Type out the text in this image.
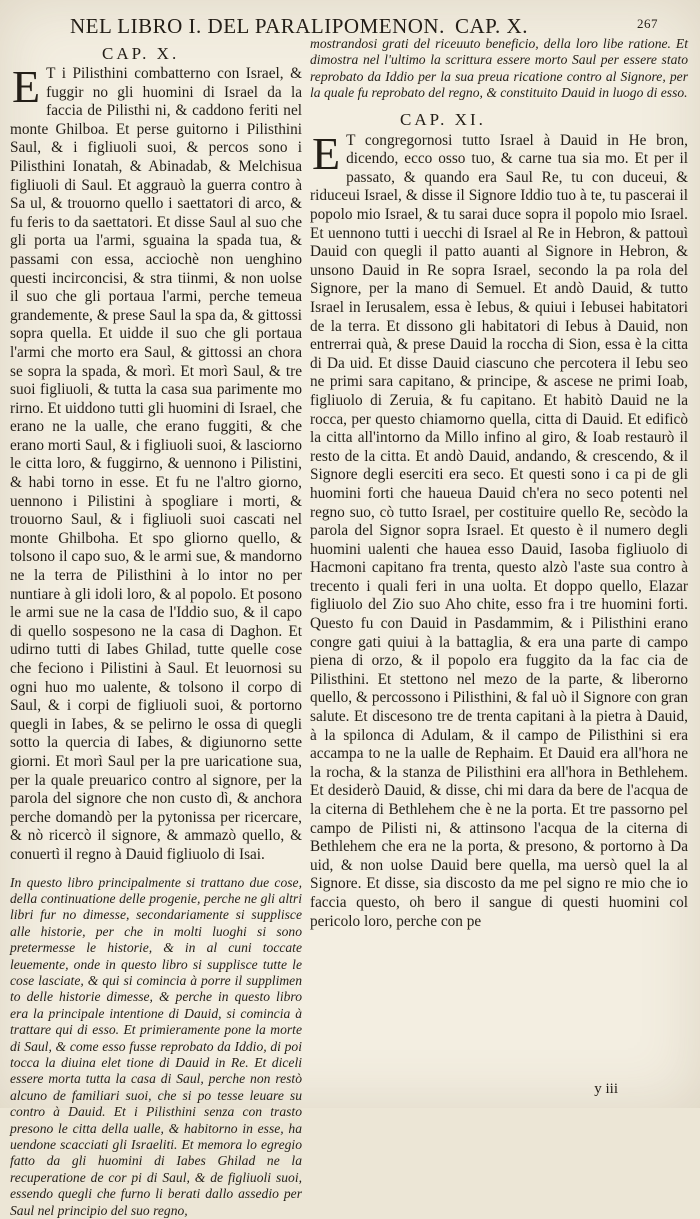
NEL LIBRO I. DEL PARALIPOMENON. CAP. X.	267
CAP. X.

E T i Pilisthini combatterno con Israel, & fuggir no gli huomini di Israel da la faccia de Pilisthi ni, & caddono feriti nel monte Ghilboa. Et perse guitorno i Pilisthini Saul, & i figliuoli suoi, & percos sono i Pilisthini Ionatah, & Abinadab, & Melchisua figliuoli di Saul. Et aggrauò la guerra contro à Sa ul, & trouorno quello i saettatori di arco, & fu feris to da saettatori. Et disse Saul al suo che gli porta ua l'armi, sguaina la spada tua, & passami con essa, acciochè non uenghino questi incirconcisi, & stra tiinmi, & non uolse il suo che gli portaua l'armi, perche temeua grandemente, & prese Saul la spa da, & gittossi sopra quella. Et uidde il suo che gli portaua l'armi che morto era Saul, & gittossi an chora se sopra la spada, & morì. Et morì Saul, & tre suoi figliuoli, & tutta la casa sua parimente mo rirno. Et uiddono tutti gli huomini di Israel, che erano ne la ualle, che erano fuggiti, & che erano morti Saul, & i figliuoli suoi, & lasciorno le citta loro, & fuggirno, & uennono i Pilistini, & habi torno in esse. Et fu ne l'altro giorno, uennono i Pilistini à spogliare i morti, & trouorno Saul, & i figliuoli suoi cascati nel monte Ghilboha. Et spo gliorno quello, & tolsono il capo suo, & le armi sue, & mandorno ne la terra de Pilisthini à lo intor no per nuntiare à gli idoli loro, & al popolo. Et posono le armi sue ne la casa de l'Iddio suo, & il capo di quello sospesono ne la casa di Daghon. Et udirno tutti di Iabes Ghilad, tutte quelle cose che feciono i Pilistini à Saul. Et leuornosi su ogni huo mo ualente, & tolsono il corpo di Saul, & i corpi de figliuoli suoi, & portorno quegli in Iabes, & se pelirno le ossa di quegli sotto la quercia di Iabes, & digiunorno sette giorni. Et morì Saul per la pre uaricatione sua, per la quale preuarico contro al signore, per la parola del signore che non custo dì, & anchora perche domandò per la pytonissa per ricercare, & nò ricercò il signore, & ammazò quello, & conuertì il regno à Dauid figliuolo di Isai.

In questo libro principalmente si trattano due cose, della continuatione delle progenie, perche ne gli altri libri fur no dimesse, secondariamente si supplisce alle historie, per che in molti luoghi si sono pretermesse le historie, & in al cuni toccate leuemente, onde in questo libro si supplisce tutte le cose lasciate, & qui si comincia à porre il supplimen to delle historie dimesse, & perche in questo libro era la principale intentione di Dauid, si comincia à trattare qui di esso. Et primieramente pone la morte di Saul, & come esso fusse reprobato da Iddio, di poi tocca la diuina elet tione di Dauid in Re. Et diceli essere morta tutta la casa di Saul, perche non restò alcuno de familiari suoi, che si po tesse leuare su contro à Dauid. Et i Pilisthini senza con trasto presono le citta della ualle, & habitorno in esse, ha uendone scacciati gli Israeliti. Et memora lo egregio fatto da gli huomini di Iabes Ghilad ne la recuperatione de cor pi di Saul, & de figliuoli suoi, essendo quegli che furno li berati dallo assedio per Saul nel principio del suo regno,

mostrandosi grati del riceuuto beneficio, della loro libe ratione. Et dimostra nel l'ultimo la scrittura essere morto Saul per essere stato reprobato da Iddio per la sua preua ricatione contro al Signore, per la quale fu reprobato del regno, & constituito Dauid in luogo di esso.

CAP. XI.

E T congregornosi tutto Israel à Dauid in He bron, dicendo, ecco osso tuo, & carne tua sia mo. Et per il passato, & quando era Saul Re, tu con duceui, & riduceui Israel, & disse il Signore Iddio tuo à te, tu pascerai il popolo mio Israel, & tu sarai duce sopra il popolo mio Israel. Et uennono tutti i uecchi di Israel al Re in Hebron, & pattouì Dauid con quegli il patto auanti al Signore in Hebron, & unsono Dauid in Re sopra Israel, secondo la pa rola del Signore, per la mano di Semuel. Et andò Dauid, & tutto Israel in Ierusalem, essa è Iebus, & quiui i Iebusei habitatori de la terra. Et dissono gli habitatori di Iebus à Dauid, non entrerrai quà, & prese Dauid la roccha di Sion, essa è la citta di Da uid. Et disse Dauid ciascuno che percotera il Iebu seo ne primi sara capitano, & principe, & ascese ne primi Ioab, figliuolo di Zeruia, & fu capitano. Et habitò Dauid ne la rocca, per questo chiamorno quella, citta di Dauid. Et edificò la citta all'intorno da Millo infino al giro, & Ioab restaurò il resto de la citta. Et andò Dauid, andando, & crescendo, & il Signore degli eserciti era seco. Et questi sono i ca pi de gli huomini forti che haueua Dauid ch'era no seco potenti nel regno suo, cò tutto Israel, per costituire quello Re, secòdo la parola del Signor sopra Israel. Et questo è il numero degli huomini ualenti che hauea esso Dauid, Iasoba figliuolo di Hacmoni capitano fra trenta, questo alzò l'aste sua contro à trecento i quali feri in una uolta. Et doppo quello, Elazar figliuolo del Zio suo Aho chite, esso fra i tre huomini forti. Questo fu con Dauid in Pasdammim, & i Pilisthini erano congre gati quiui à la battaglia, & era una parte di campo piena di orzo, & il popolo era fuggito da la fac cia de Pilisthini. Et stettono nel mezo de la parte, & liberorno quello, & percossono i Pilisthini, & fal uò il Signore con gran salute. Et discesono tre de trenta capitani à la pietra à Dauid, à la spilonca di Adulam, & il campo de Pilisthini si era accampa to ne la ualle de Rephaim. Et Dauid era all'hora ne la rocha, & la stanza de Pilisthini era all'hora in Bethlehem. Et desiderò Dauid, & disse, chi mi dara da bere de l'acqua de la citerna di Bethlehem che è ne la porta. Et tre passorno pel campo de Pilisti ni, & attinsono l'acqua de la citerna di Bethlehem che era ne la porta, & presono, & portorno à Da uid, & non uolse Dauid bere quella, ma uersò quel la al Signore. Et disse, sia discosto da me pel signo re mio che io faccia questo, oh bero il sangue di questi huomini col pericolo loro, perche con pe

y iii
